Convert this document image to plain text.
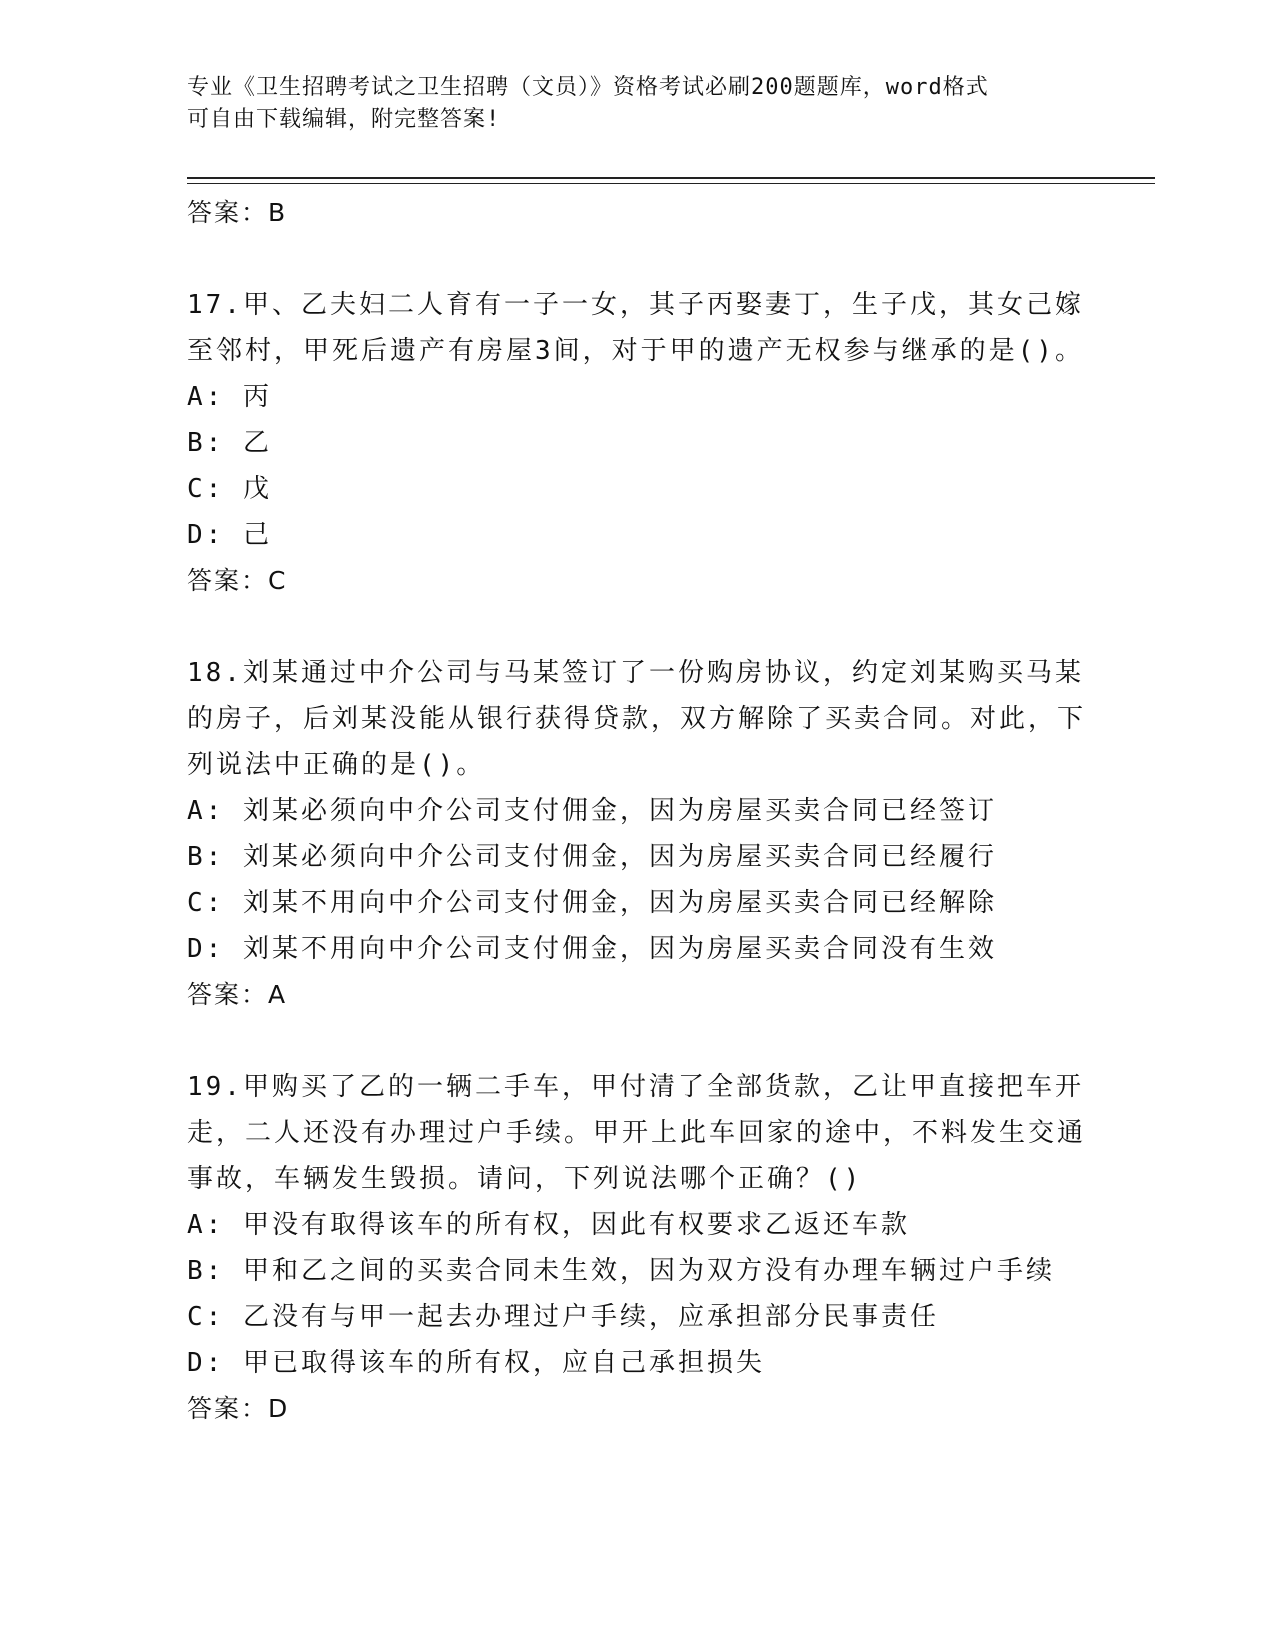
专业《卫生招聘考试之卫生招聘（文员）》资格考试必刷200题题库，word格式
可自由下载编辑，附完整答案!
答案：B
17.甲、乙夫妇二人育有一子一女，其子丙娶妻丁，生子戊，其女己嫁至邻村，甲死后遗产有房屋3间，对于甲的遗产无权参与继承的是()。
A: 丙
B: 乙
C: 戊
D: 己
答案：C
18.刘某通过中介公司与马某签订了一份购房协议，约定刘某购买马某的房子，后刘某没能从银行获得贷款，双方解除了买卖合同。对此，下列说法中正确的是()。
A: 刘某必须向中介公司支付佣金，因为房屋买卖合同已经签订
B: 刘某必须向中介公司支付佣金，因为房屋买卖合同已经履行
C: 刘某不用向中介公司支付佣金，因为房屋买卖合同已经解除
D: 刘某不用向中介公司支付佣金，因为房屋买卖合同没有生效
答案：A
19.甲购买了乙的一辆二手车，甲付清了全部货款，乙让甲直接把车开走，二人还没有办理过户手续。甲开上此车回家的途中，不料发生交通事故，车辆发生毁损。请问，下列说法哪个正确？()
A: 甲没有取得该车的所有权，因此有权要求乙返还车款
B: 甲和乙之间的买卖合同未生效，因为双方没有办理车辆过户手续
C: 乙没有与甲一起去办理过户手续，应承担部分民事责任
D: 甲已取得该车的所有权，应自己承担损失
答案：D
